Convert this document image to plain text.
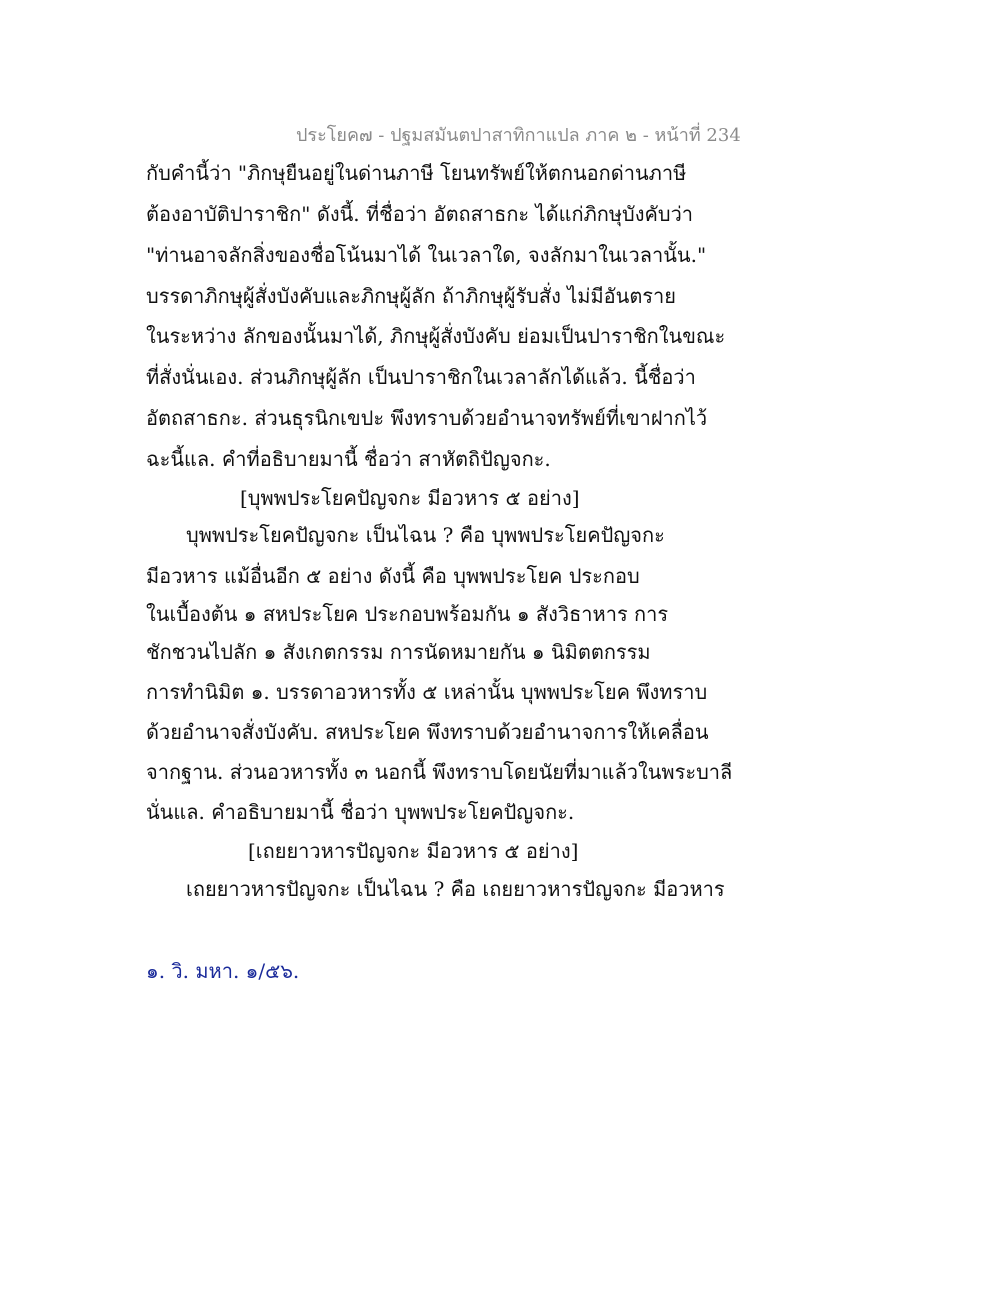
ประโยค๗ - ปฐมสมันตปาสาทิกาแปล ภาค ๒ - หน้าที่ 234
กับคำนี้ว่า "ภิกษุยืนอยู่ในด่านภาษี โยนทรัพย์ให้ตกนอกด่านภาษี
ต้องอาบัติปาราชิก" ดังนี้. ที่ชื่อว่า อัตถสาธกะ ได้แก่ภิกษุบังคับว่า
"ท่านอาจลักสิ่งของชื่อโน้นมาได้ ในเวลาใด, จงลักมาในเวลานั้น."
บรรดาภิกษุผู้สั่งบังคับและภิกษุผู้ลัก ถ้าภิกษุผู้รับสั่ง ไม่มีอันตราย
ในระหว่าง ลักของนั้นมาได้, ภิกษุผู้สั่งบังคับ ย่อมเป็นปาราชิกในขณะ
ที่สั่งนั่นเอง. ส่วนภิกษุผู้ลัก เป็นปาราชิกในเวลาลักได้แล้ว. นี้ชื่อว่า
อัตถสาธกะ. ส่วนธุรนิกเขปะ พึงทราบด้วยอำนาจทรัพย์ที่เขาฝากไว้
ฉะนี้แล. คำที่อธิบายมานี้ ชื่อว่า สาหัตถิปัญจกะ.
[บุพพประโยคปัญจกะ มีอวหาร ๕ อย่าง]
บุพพประโยคปัญจกะ เป็นไฉน ? คือ บุพพประโยคปัญจกะ
มีอวหาร แม้อื่นอีก ๕ อย่าง ดังนี้ คือ บุพพประโยค ประกอบ
ในเบื้องต้น ๑ สหประโยค ประกอบพร้อมกัน ๑ สังวิธาหาร การ
ชักชวนไปลัก ๑ สังเกตกรรม การนัดหมายกัน ๑ นิมิตตกรรม
การทำนิมิต ๑. บรรดาอวหารทั้ง ๕ เหล่านั้น บุพพประโยค พึงทราบ
ด้วยอำนาจสั่งบังคับ. สหประโยค พึงทราบด้วยอำนาจการให้เคลื่อน
จากฐาน. ส่วนอวหารทั้ง ๓ นอกนี้ พึงทราบโดยนัยที่มาแล้วในพระบาลี
นั่นแล. คำอธิบายมานี้ ชื่อว่า บุพพประโยคปัญจกะ.
[เถยยาวหารปัญจกะ มีอวหาร ๕ อย่าง]
เถยยาวหารปัญจกะ เป็นไฉน ? คือ เถยยาวหารปัญจกะ มีอวหาร
๑. วิ. มหา. ๑/๕๖.
